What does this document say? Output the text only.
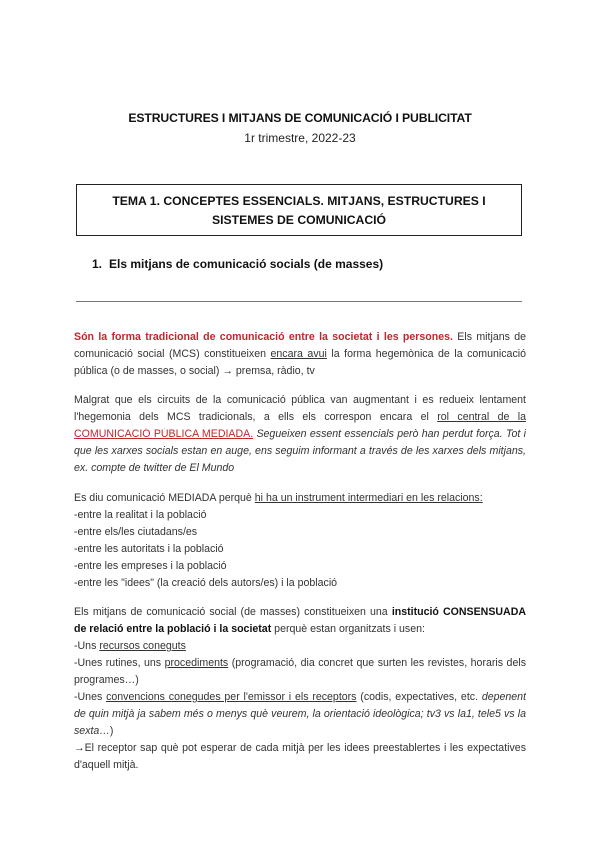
ESTRUCTURES I MITJANS DE COMUNICACIÓ I PUBLICITAT
1r trimestre, 2022-23
TEMA 1. CONCEPTES ESSENCIALS. MITJANS, ESTRUCTURES I
SISTEMES DE COMUNICACIÓ
1. Els mitjans de comunicació socials (de masses)
Són la forma tradicional de comunicació entre la societat i les persones. Els mitjans de
comunicació social (MCS) constitueixen encara avui la forma hegemònica de la comunicació
pública (o de masses, o social) → premsa, ràdio, tv
Malgrat que els circuits de la comunicació pública van augmentant i es redueix lentament
l'hegemonia dels MCS tradicionals, a ells els correspon encara el rol central de la
COMUNICACIÓ PÚBLICA MEDIADA. Segueixen essent essencials però han perdut força. Tot i
que les xarxes socials estan en auge, ens seguim informant a través de les xarxes dels mitjans,
ex. compte de twitter de El Mundo
Es diu comunicació MEDIADA perquè hi ha un instrument intermediari en les relacions:
-entre la realitat i la població
-entre els/les ciutadans/es
-entre les autoritats i la població
-entre les empreses i la població
-entre les "idees" (la creació dels autors/es) i la població
Els mitjans de comunicació social (de masses) constitueixen una institució CONSENSUADA
de relació entre la població i la societat perquè estan organitzats i usen:
-Uns recursos coneguts
-Unes rutines, uns procediments (programació, dia concret que surten les revistes, horaris dels
programes…)
-Unes convencions conegudes per l'emissor i els receptors (codis, expectatives, etc. depenent
de quin mitjà ja sabem més o menys què veurem, la orientació ideològica; tv3 vs la1, tele5 vs la
sexta…)
→El receptor sap què pot esperar de cada mitjà per les idees preestablertes i les expectatives
d'aquell mitjà.
